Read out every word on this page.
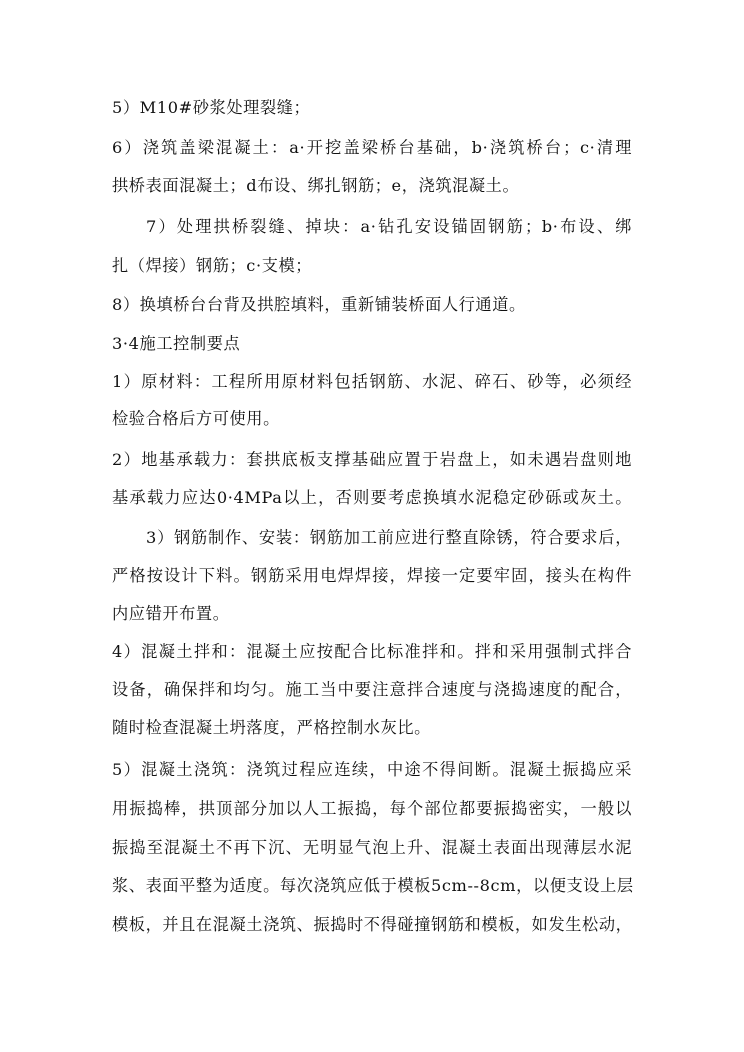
5）M10#砂浆处理裂缝；
6）浇筑盖梁混凝土：a·开挖盖梁桥台基础，b·浇筑桥台；c·清理
拱桥表面混凝土；d布设、绑扎钢筋；e，浇筑混凝土。
7）处理拱桥裂缝、掉块：a·钻孔安设锚固钢筋；b·布设、绑
扎（焊接）钢筋；c·支模；
8）换填桥台台背及拱腔填料，重新铺装桥面人行通道。
3·4施工控制要点
1）原材料：工程所用原材料包括钢筋、水泥、碎石、砂等，必须经
检验合格后方可使用。
2）地基承载力：套拱底板支撑基础应置于岩盘上，如未遇岩盘则地
基承载力应达0·4MPa以上，否则要考虑换填水泥稳定砂砾或灰土。
3）钢筋制作、安装：钢筋加工前应进行整直除锈，符合要求后，
严格按设计下料。钢筋采用电焊焊接，焊接一定要牢固，接头在构件
内应错开布置。
4）混凝土拌和：混凝土应按配合比标准拌和。拌和采用强制式拌合
设备，确保拌和均匀。施工当中要注意拌合速度与浇捣速度的配合，
随时检查混凝土坍落度，严格控制水灰比。
5）混凝土浇筑：浇筑过程应连续，中途不得间断。混凝土振捣应采
用振捣棒，拱顶部分加以人工振捣，每个部位都要振捣密实，一般以
振捣至混凝土不再下沉、无明显气泡上升、混凝土表面出现薄层水泥
浆、表面平整为适度。每次浇筑应低于模板5cm--8cm，以便支设上层
模板，并且在混凝土浇筑、振捣时不得碰撞钢筋和模板，如发生松动，
